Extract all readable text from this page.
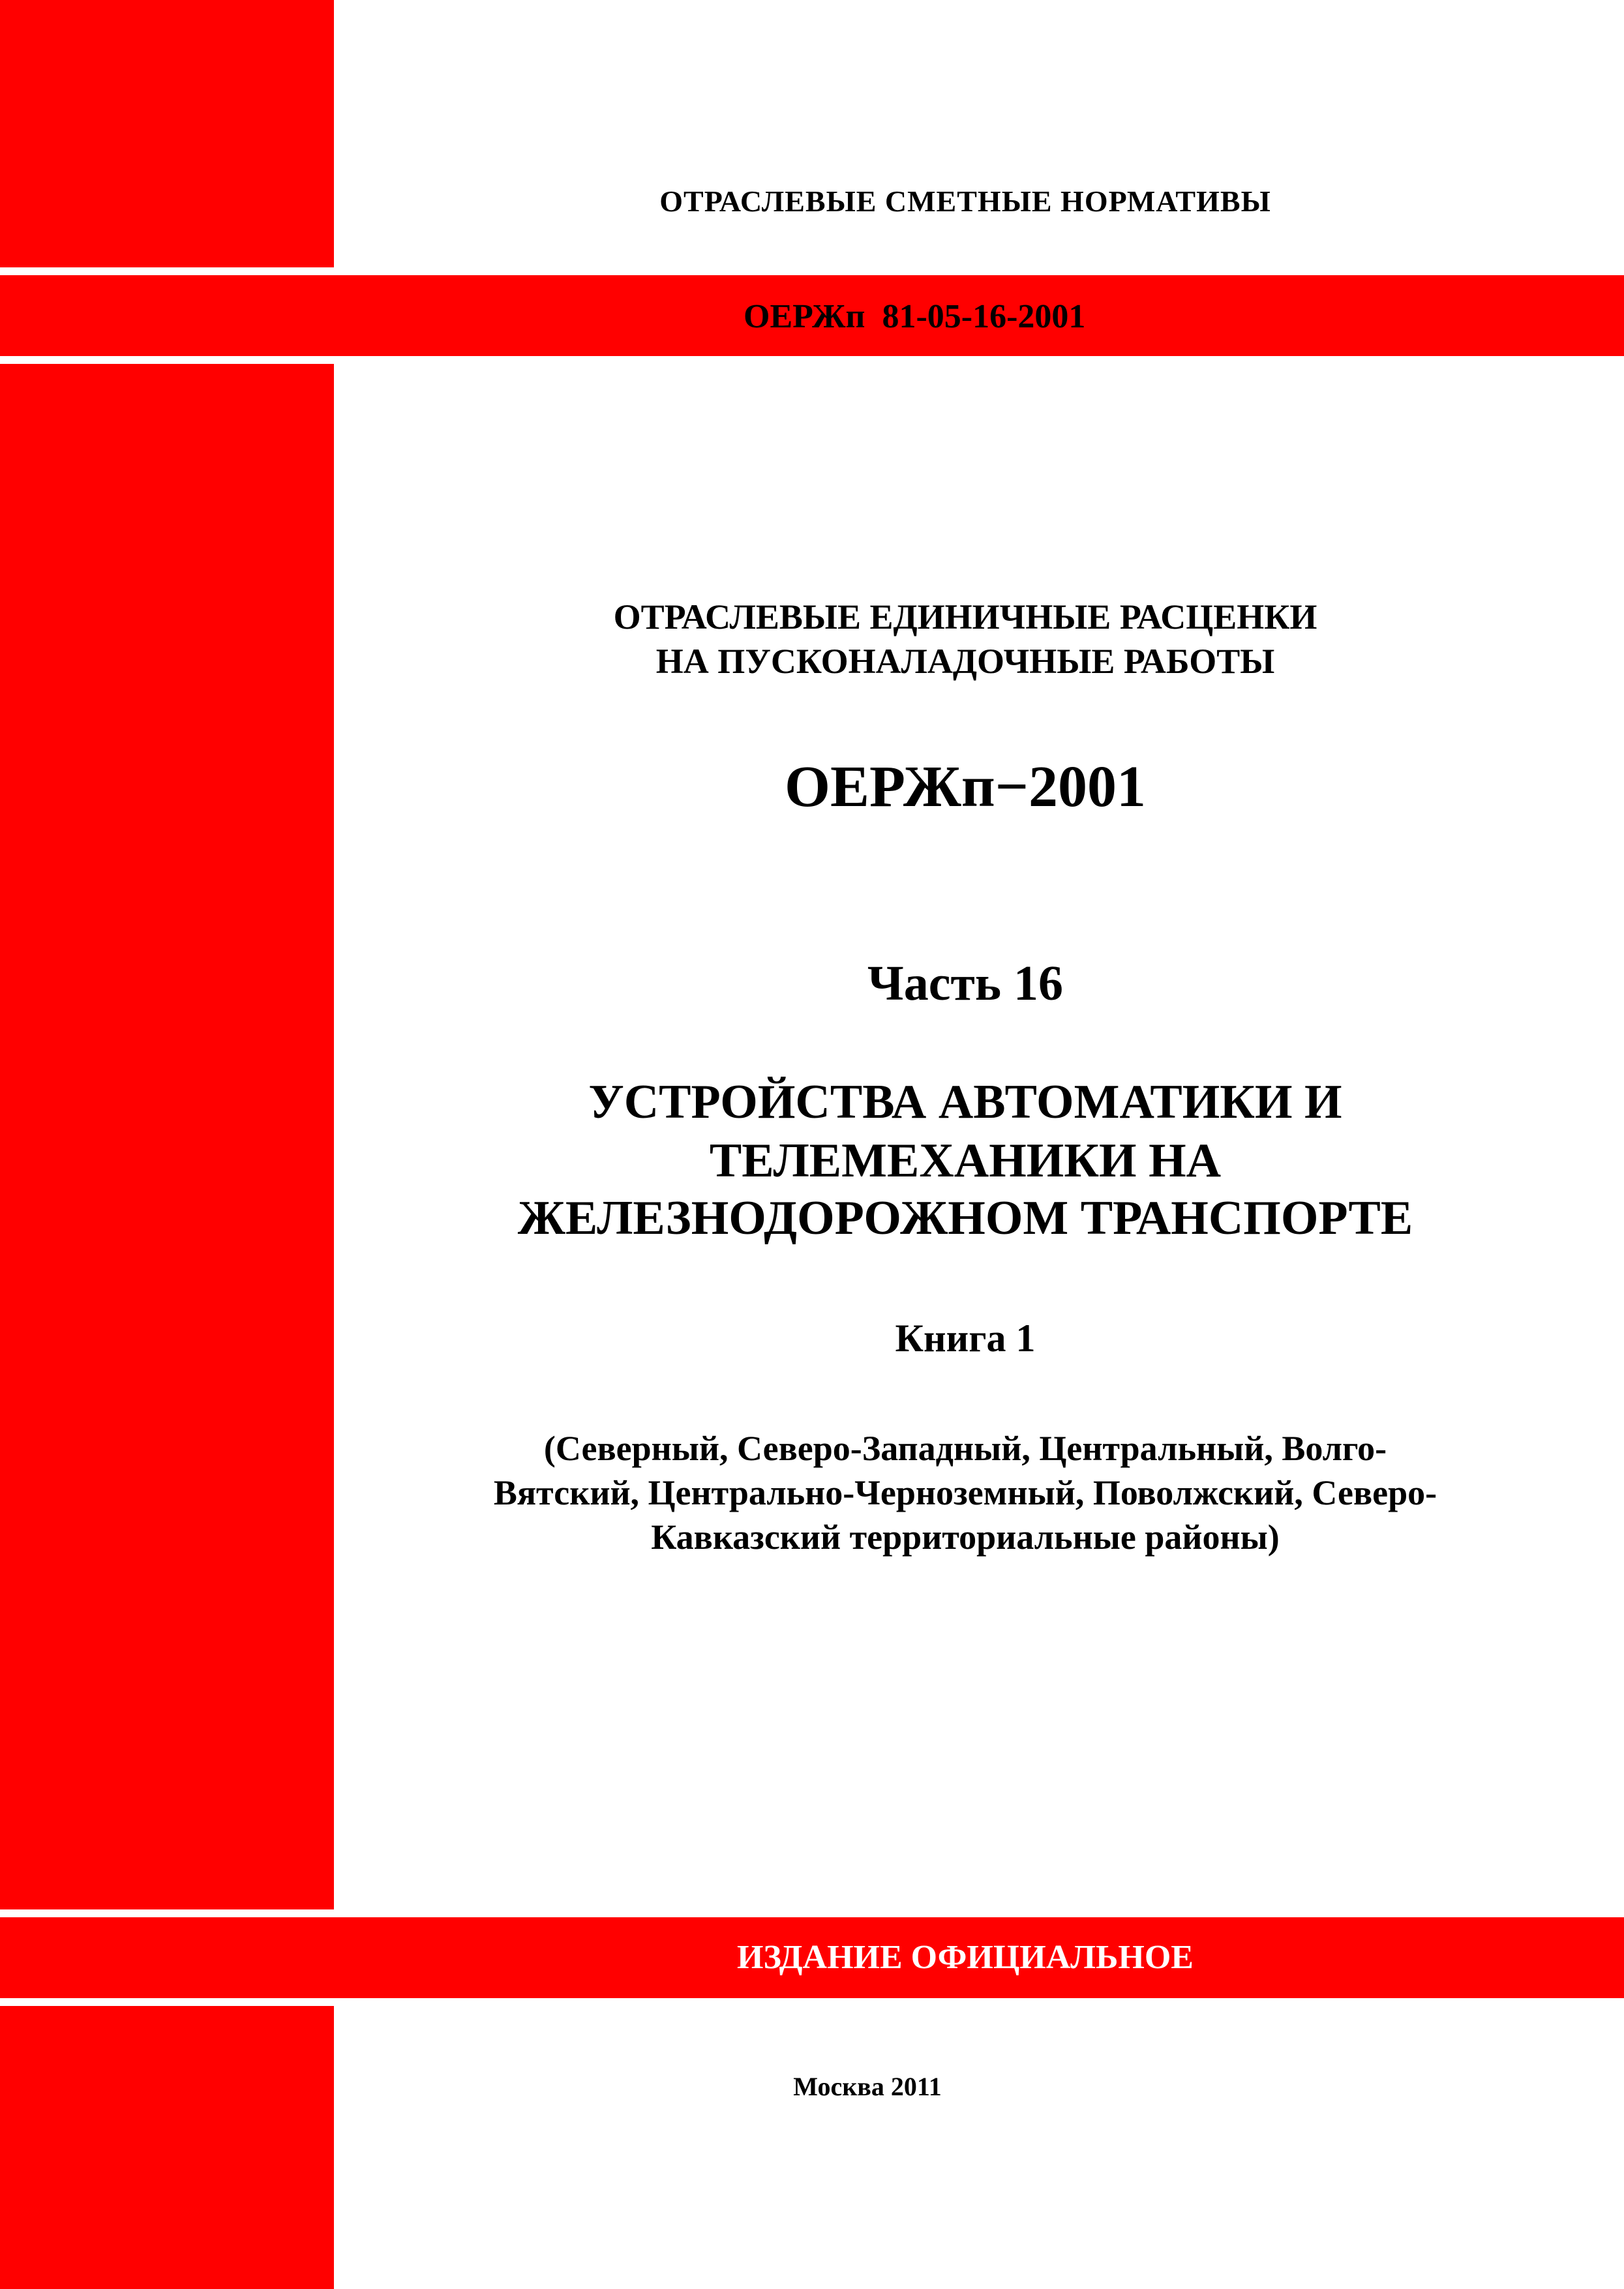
ОТРАСЛЕВЫЕ СМЕТНЫЕ НОРМАТИВЫ
ОЕРЖп  81-05-16-2001
ОТРАСЛЕВЫЕ ЕДИНИЧНЫЕ РАСЦЕНКИ
НА ПУСКОНАЛАДОЧНЫЕ РАБОТЫ
ОЕРЖп−2001
Часть 16
УСТРОЙСТВА АВТОМАТИКИ И
ТЕЛЕМЕХАНИКИ НА
ЖЕЛЕЗНОДОРОЖНОМ ТРАНСПОРТЕ
Книга 1
(Северный, Северо-Западный, Центральный, Волго-
Вятский, Центрально-Черноземный, Поволжский, Северо-
Кавказский территориальные районы)
ИЗДАНИЕ ОФИЦИАЛЬНОЕ
Москва 2011
